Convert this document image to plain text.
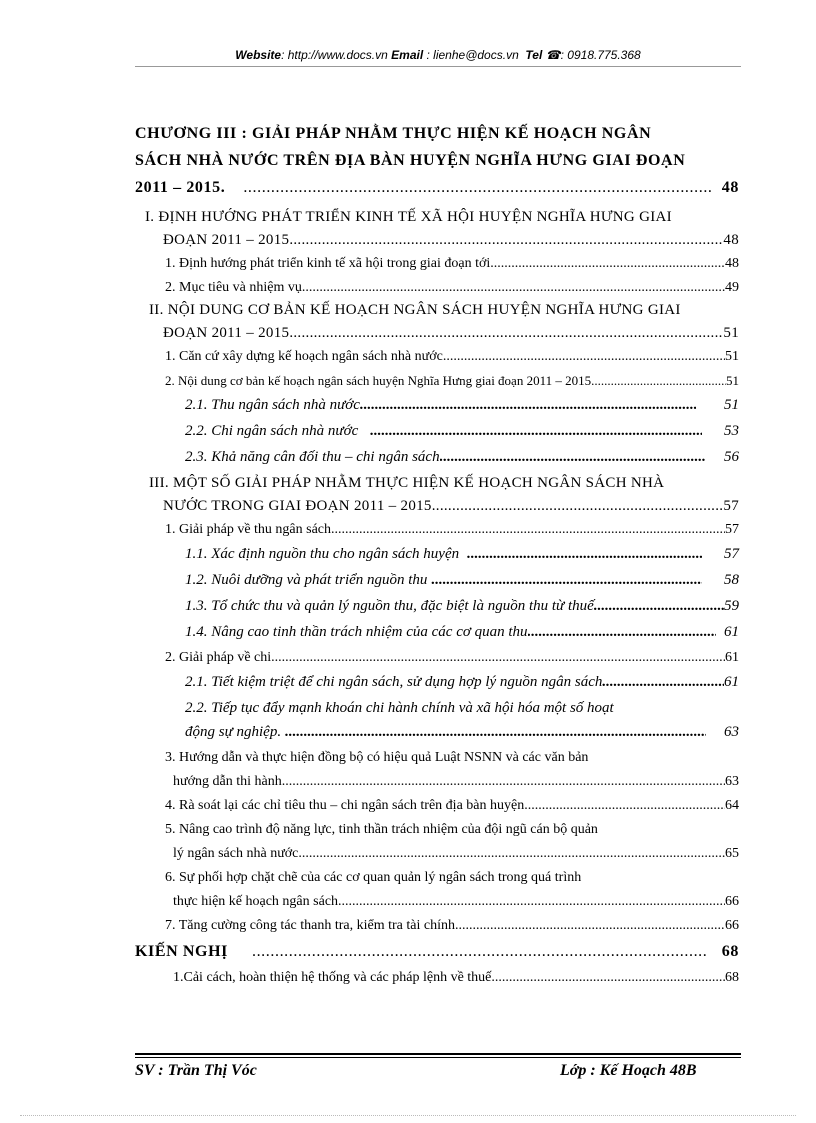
Website: http://www.docs.vn Email : lienhe@docs.vn Tel ☎: 0918.775.368
CHƯƠNG III : GIẢI PHÁP NHẰM THỰC HIỆN KẾ HOẠCH NGÂN
SÁCH NHÀ NƯỚC TRÊN ĐỊA BÀN HUYỆN NGHĨA HƯNG GIAI ĐOẠN
2011 – 2015. .....	48
I. ĐỊNH HƯỚNG PHÁT TRIỂN KINH TẾ XÃ HỘI HUYỆN NGHĨA HƯNG GIAI
ĐOẠN 2011 – 2015 .....	48
1. Định hướng phát triển kinh tế xã hội trong giai đoạn tới. .....	48
2. Mục tiêu và nhiệm vụ .....	49
II. NỘI DUNG CƠ BẢN KẾ HOẠCH NGÂN SÁCH HUYỆN NGHĨA HƯNG GIAI
ĐOẠN 2011 – 2015. .....	51
1. Căn cứ xây dựng kế hoạch ngân sách nhà nước .....	51
2. Nội dung cơ bản kế hoạch ngân sách huyện Nghĩa Hưng giai đoạn 2011 – 2015. .....	51
2.1. Thu ngân sách nhà nước .....	51
2.2. Chi ngân sách nhà nước .....	53
2.3. Khả năng cân đối thu – chi ngân sách .....	56
III. MỘT SỐ GIẢI PHÁP NHẰM THỰC HIỆN KẾ HOẠCH NGÂN SÁCH NHÀ
NƯỚC TRONG GIAI ĐOẠN 2011 – 2015. .....	57
1. Giải pháp về thu ngân sách .....	57
1.1. Xác định nguồn thu cho ngân sách huyện .....	57
1.2. Nuôi dưỡng và phát triển nguồn thu .....	58
1.3. Tổ chức thu và quản lý nguồn thu, đặc biệt là nguồn thu từ thuế .....	59
1.4. Nâng cao tinh thần trách nhiệm của các cơ quan thu .....	61
2. Giải pháp về chi .....	61
2.1. Tiết kiệm triệt để chi ngân sách, sử dụng hợp lý nguồn ngân sách .....	61
2.2. Tiếp tục đẩy mạnh khoán chi hành chính và xã hội hóa một số hoạt
động sự nghiệp. .....	63
3. Hướng dẫn và thực hiện đồng bộ có hiệu quả Luật NSNN và các văn bản
hướng dẫn thi hành. .....	63
4. Rà soát lại các chỉ tiêu thu – chi ngân sách trên địa bàn huyện .....	64
5. Nâng cao trình độ năng lực, tinh thần trách nhiệm của đội ngũ cán bộ quản
lý ngân sách nhà nước. .....	65
6. Sự phối hợp chặt chẽ của các cơ quan quản lý ngân sách trong quá trình
thực hiện kế hoạch ngân sách. .....	66
7. Tăng cường công tác thanh tra, kiểm tra tài chính .....	66
KIẾN NGHỊ .....	68
1.Cải cách, hoàn thiện hệ thống và các pháp lệnh về thuế .....	68
SV : Trần Thị Vóc	Lớp : Kế Hoạch 48B
